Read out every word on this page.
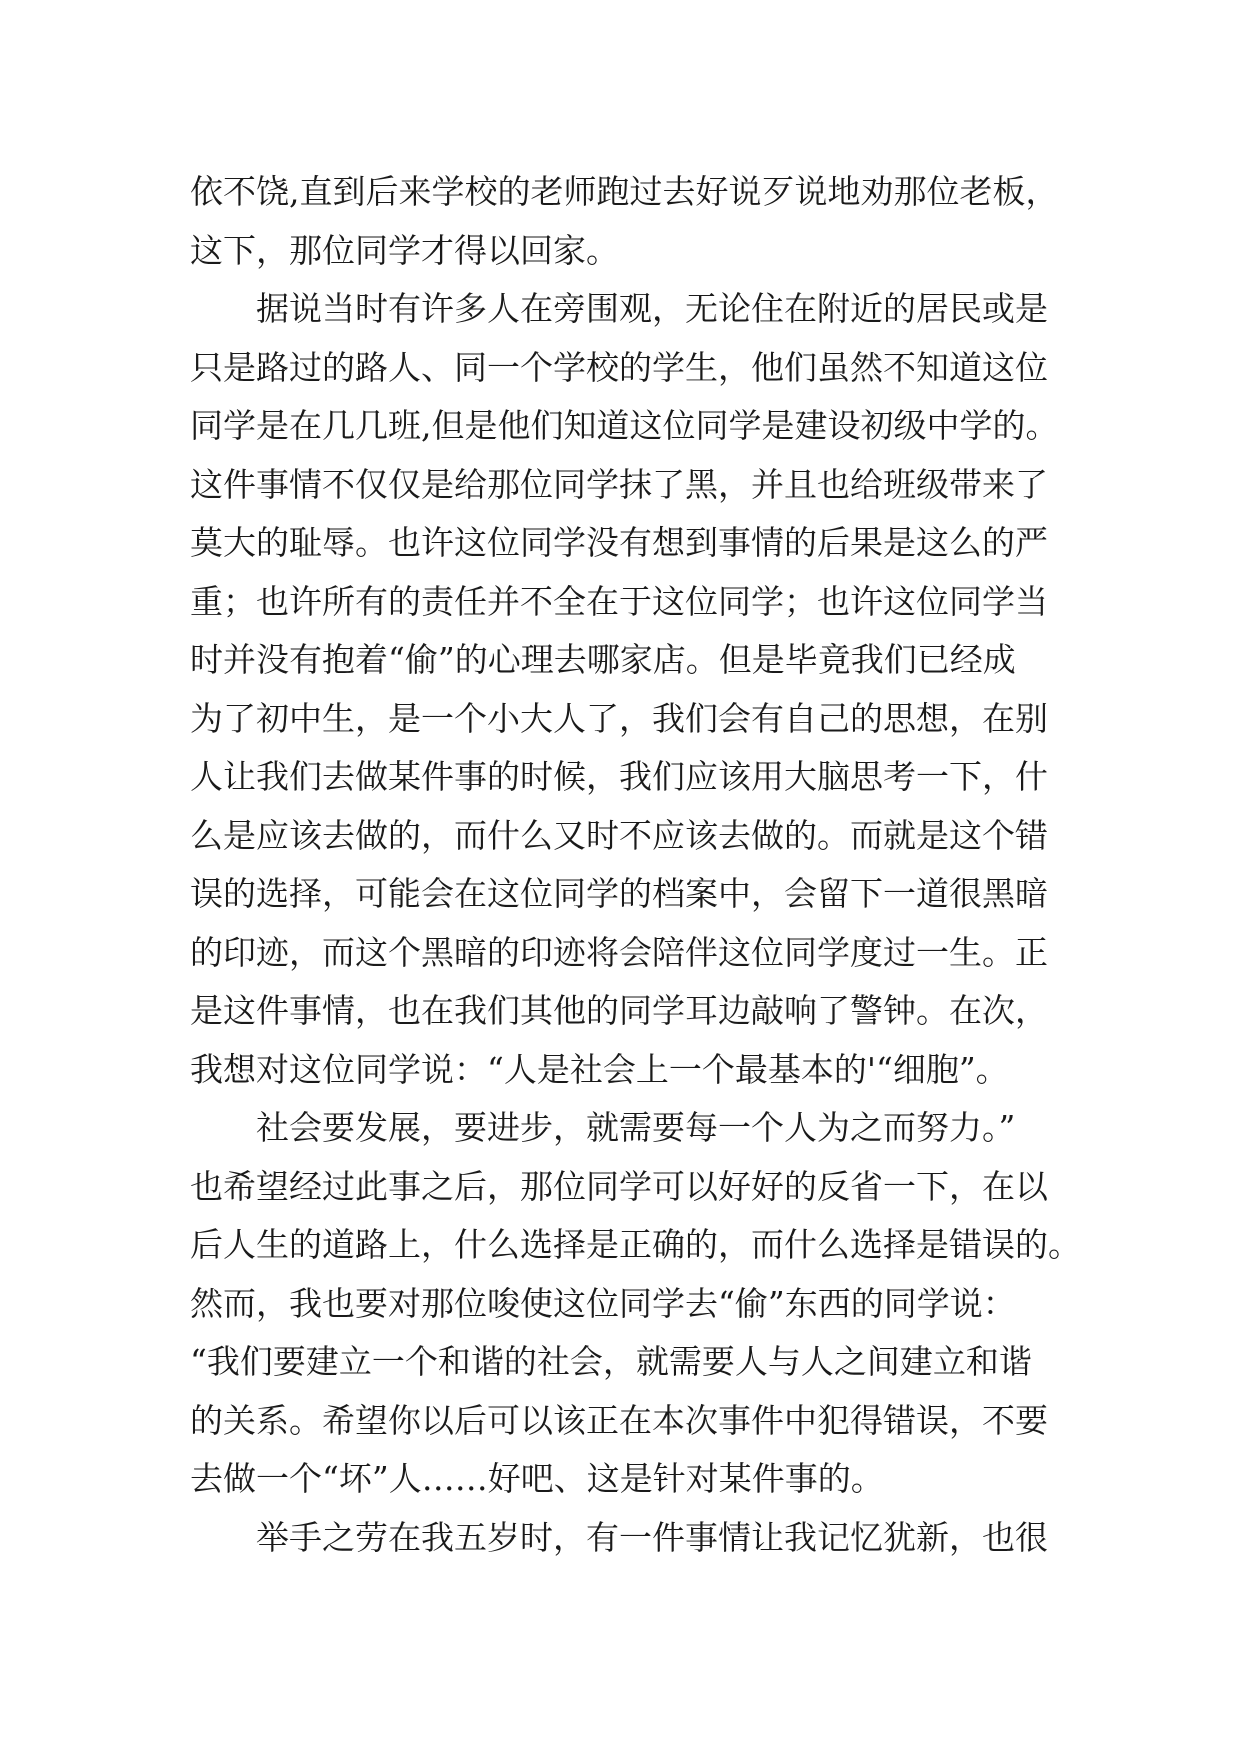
依不饶,直到后来学校的老师跑过去好说歹说地劝那位老板，
这下，那位同学才得以回家。
据说当时有许多人在旁围观，无论住在附近的居民或是
只是路过的路人、同一个学校的学生，他们虽然不知道这位
同学是在几几班,但是他们知道这位同学是建设初级中学的。
这件事情不仅仅是给那位同学抹了黑，并且也给班级带来了
莫大的耻辱。也许这位同学没有想到事情的后果是这么的严
重；也许所有的责任并不全在于这位同学；也许这位同学当
时并没有抱着“偷”的心理去哪家店。但是毕竟我们已经成
为了初中生，是一个小大人了，我们会有自己的思想，在别
人让我们去做某件事的时候，我们应该用大脑思考一下，什
么是应该去做的，而什么又时不应该去做的。而就是这个错
误的选择，可能会在这位同学的档案中，会留下一道很黑暗
的印迹，而这个黑暗的印迹将会陪伴这位同学度过一生。正
是这件事情，也在我们其他的同学耳边敲响了警钟。在次，
我想对这位同学说：“人是社会上一个最基本的'“细胞”。
社会要发展，要进步，就需要每一个人为之而努力。”
也希望经过此事之后，那位同学可以好好的反省一下，在以
后人生的道路上，什么选择是正确的，而什么选择是错误的。
然而，我也要对那位唆使这位同学去“偷”东西的同学说：
“我们要建立一个和谐的社会，就需要人与人之间建立和谐
的关系。希望你以后可以该正在本次事件中犯得错误，不要
去做一个“坏”人……好吧、这是针对某件事的。
举手之劳在我五岁时，有一件事情让我记忆犹新，也很
